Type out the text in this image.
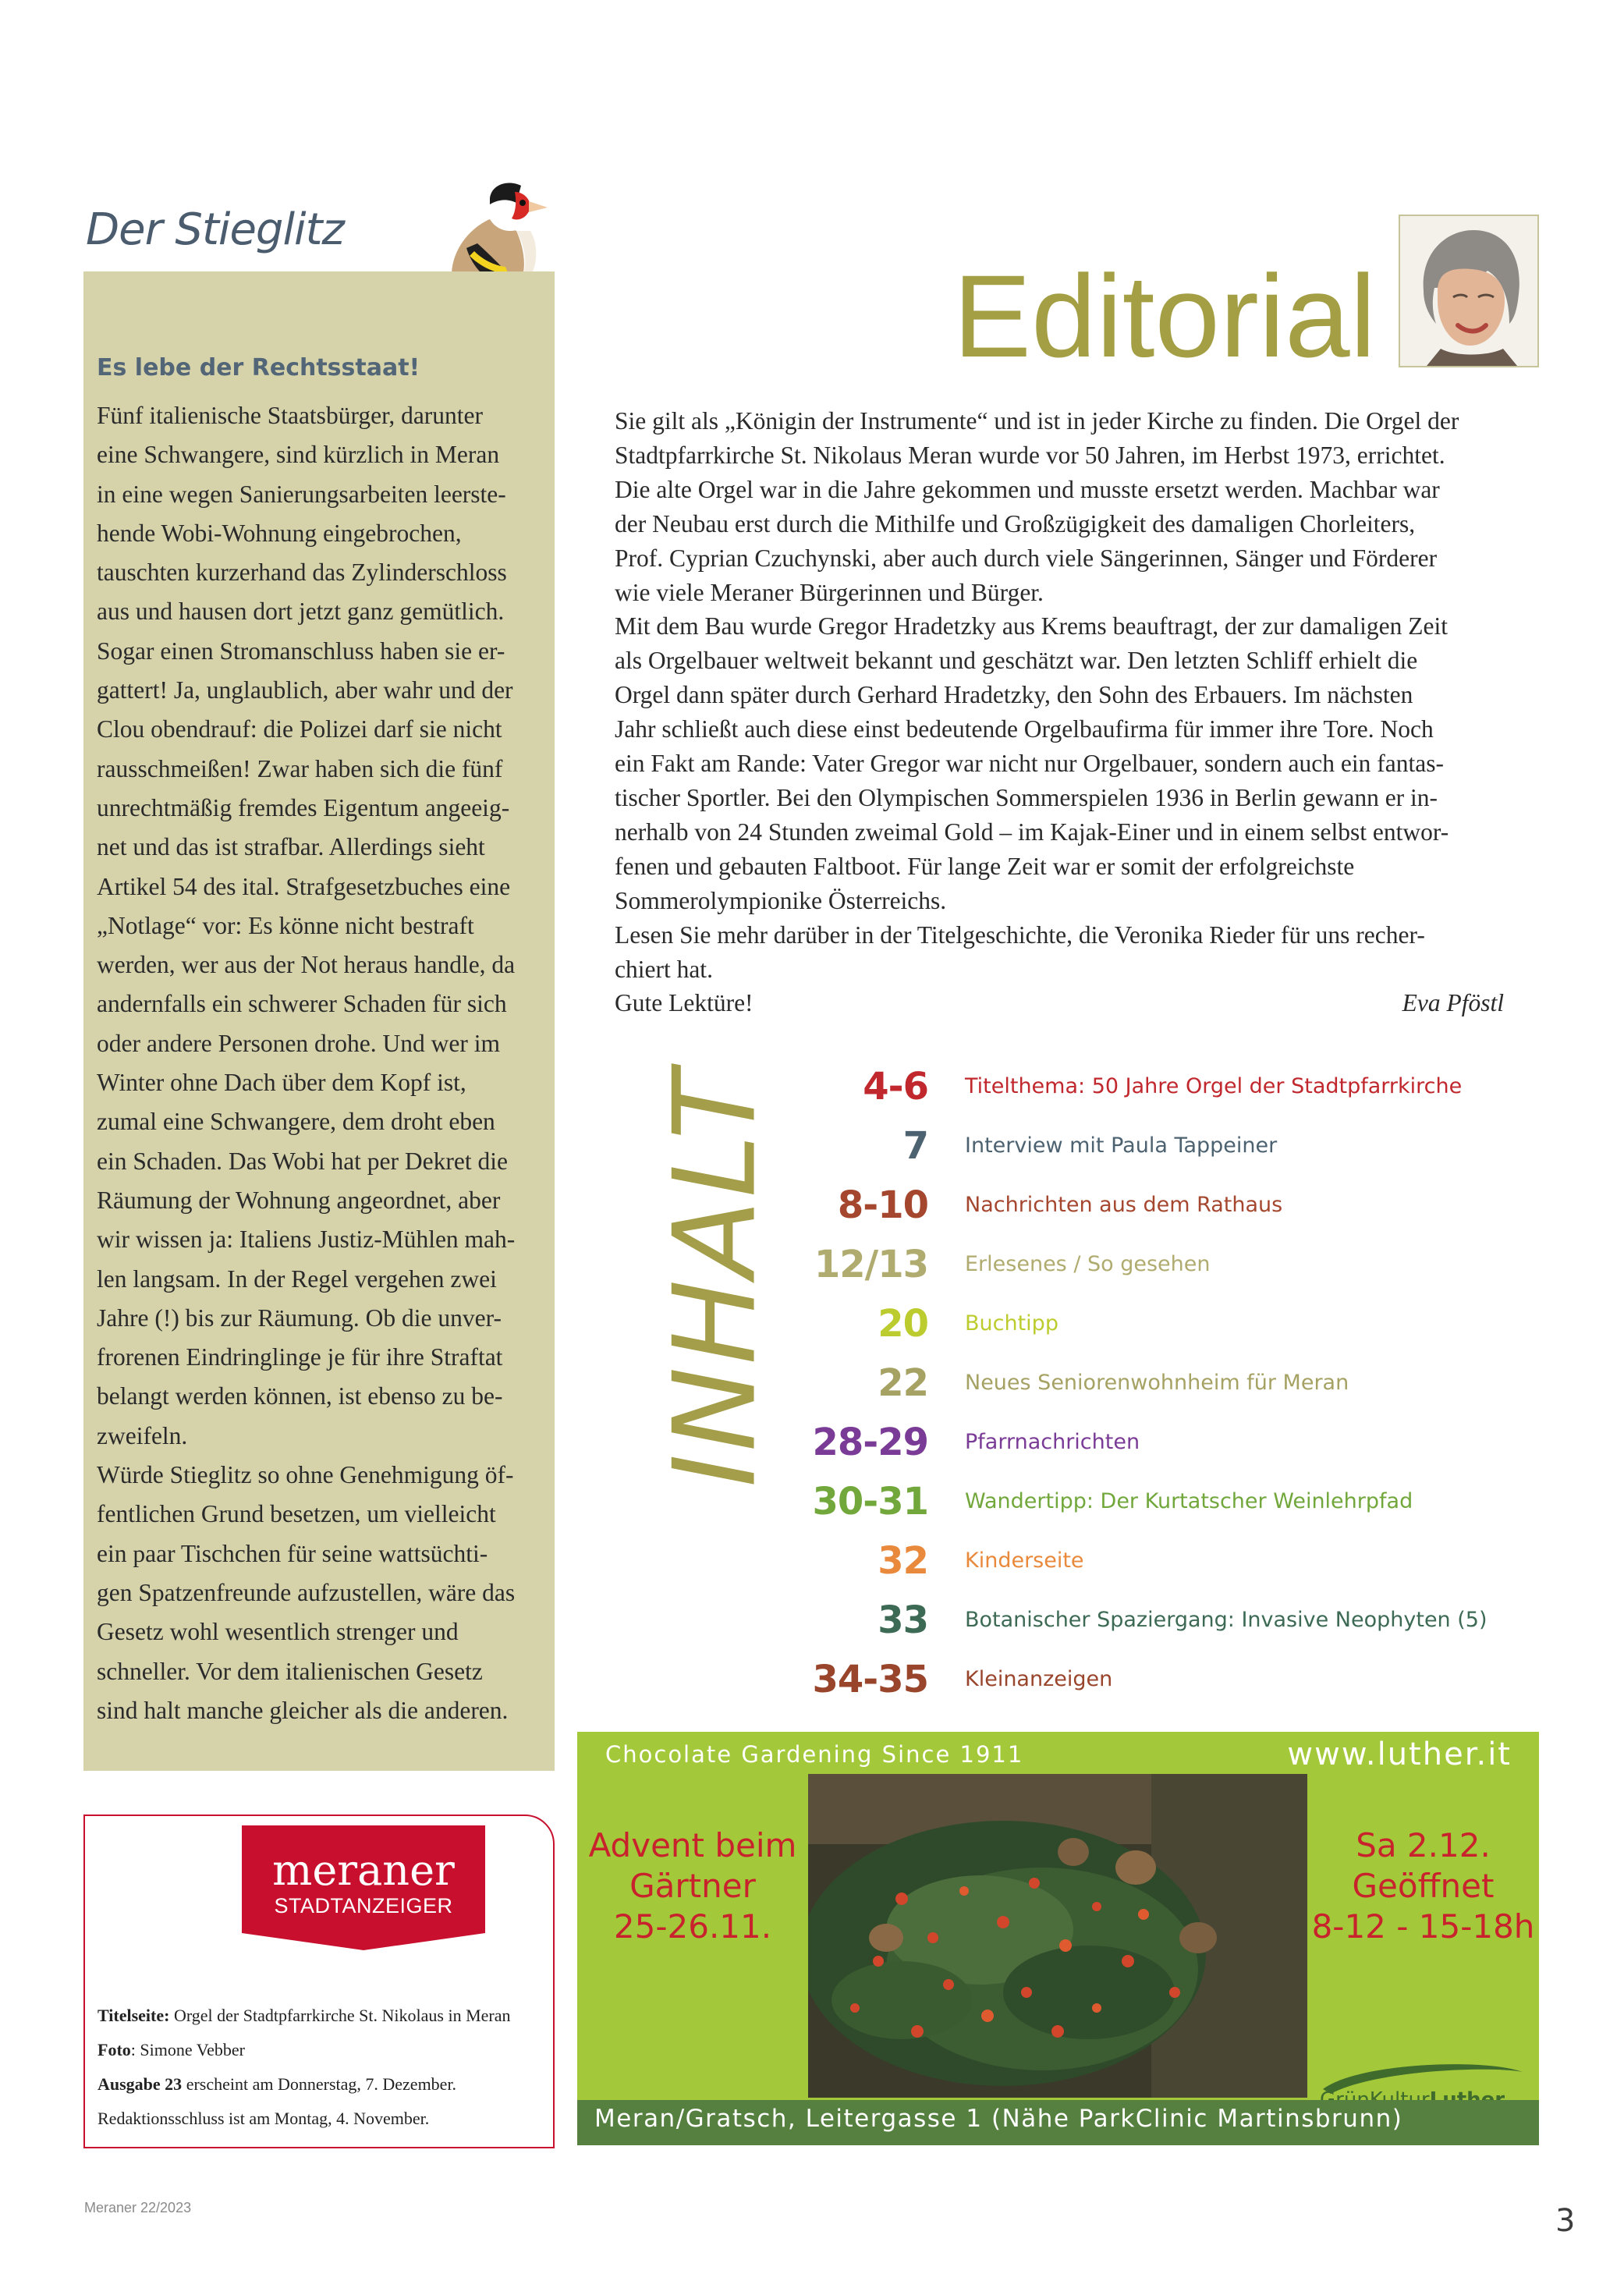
Der Stieglitz
Es lebe der Rechtsstaat!
Fünf italienische Staatsbürger, darunter
eine Schwangere, sind kürzlich in Meran
in eine wegen Sanierungsarbeiten leerste-
hende Wobi-Wohnung eingebrochen,
tauschten kurzerhand das Zylinderschloss
aus und hausen dort jetzt ganz gemütlich.
Sogar einen Stromanschluss haben sie er-
gattert! Ja, unglaublich, aber wahr und der
Clou obendrauf: die Polizei darf sie nicht
rausschmeißen! Zwar haben sich die fünf
unrechtmäßig fremdes Eigentum angeeig-
net und das ist strafbar. Allerdings sieht
Artikel 54 des ital. Strafgesetzbuches eine
„Notlage“ vor: Es könne nicht bestraft
werden, wer aus der Not heraus handle, da
andernfalls ein schwerer Schaden für sich
oder andere Personen drohe. Und wer im
Winter ohne Dach über dem Kopf ist,
zumal eine Schwangere, dem droht eben
ein Schaden. Das Wobi hat per Dekret die
Räumung der Wohnung angeordnet, aber
wir wissen ja: Italiens Justiz-Mühlen mah-
len langsam. In der Regel vergehen zwei
Jahre (!) bis zur Räumung. Ob die unver-
frorenen Eindringlinge je für ihre Straftat
belangt werden können, ist ebenso zu be-
zweifeln.
Würde Stieglitz so ohne Genehmigung öf-
fentlichen Grund besetzen, um vielleicht
ein paar Tischchen für seine wattsüchti-
gen Spatzenfreunde aufzustellen, wäre das
Gesetz wohl wesentlich strenger und
schneller. Vor dem italienischen Gesetz
sind halt manche gleicher als die anderen.
meraner
STADTANZEIGER
Titelseite: Orgel der Stadtpfarrkirche St. Nikolaus in Meran
Foto: Simone Vebber
Ausgabe 23 erscheint am Donnerstag, 7. Dezember.
Redaktionsschluss ist am Montag, 4. November.
Editorial
Sie gilt als „Königin der Instrumente“ und ist in jeder Kirche zu finden. Die Orgel der
Stadtpfarrkirche St. Nikolaus Meran wurde vor 50 Jahren, im Herbst 1973, errichtet.
Die alte Orgel war in die Jahre gekommen und musste ersetzt werden. Machbar war
der Neubau erst durch die Mithilfe und Großzügigkeit des damaligen Chorleiters,
Prof. Cyprian Czuchynski, aber auch durch viele Sängerinnen, Sänger und Förderer
wie viele Meraner Bürgerinnen und Bürger.
Mit dem Bau wurde Gregor Hradetzky aus Krems beauftragt, der zur damaligen Zeit
als Orgelbauer weltweit bekannt und geschätzt war. Den letzten Schliff erhielt die
Orgel dann später durch Gerhard Hradetzky, den Sohn des Erbauers. Im nächsten
Jahr schließt auch diese einst bedeutende Orgelbaufirma für immer ihre Tore. Noch
ein Fakt am Rande: Vater Gregor war nicht nur Orgelbauer, sondern auch ein fantas-
tischer Sportler. Bei den Olympischen Sommerspielen 1936 in Berlin gewann er in-
nerhalb von 24 Stunden zweimal Gold – im Kajak-Einer und in einem selbst entwor-
fenen und gebauten Faltboot. Für lange Zeit war er somit der erfolgreichste
Sommerolympionike Österreichs.
Lesen Sie mehr darüber in der Titelgeschichte, die Veronika Rieder für uns recher-
chiert hat.
Gute Lektüre!	Eva Pföstl
INHALT 4-6 Titelthema: 50 Jahre Orgel der Stadtpfarrkirche
7 Interview mit Paula Tappeiner
8-10 Nachrichten aus dem Rathaus
12/13 Erlesenes / So gesehen
20 Buchtipp
22 Neues Seniorenwohnheim für Meran
28-29 Pfarrnachrichten
30-31 Wandertipp: Der Kurtatscher Weinlehrpfad
32 Kinderseite
33 Botanischer Spaziergang: Invasive Neophyten (5)
34-35 Kleinanzeigen
Chocolate Gardening Since 1911	www.luther.it
Advent beim
Gärtner
25-26.11.
Sa 2.12.
Geöffnet
8-12 - 15-18h
Meran/Gratsch, Leitergasse 1 (Nähe ParkClinic Martinsbrunn)
Meraner 22/2023	3
